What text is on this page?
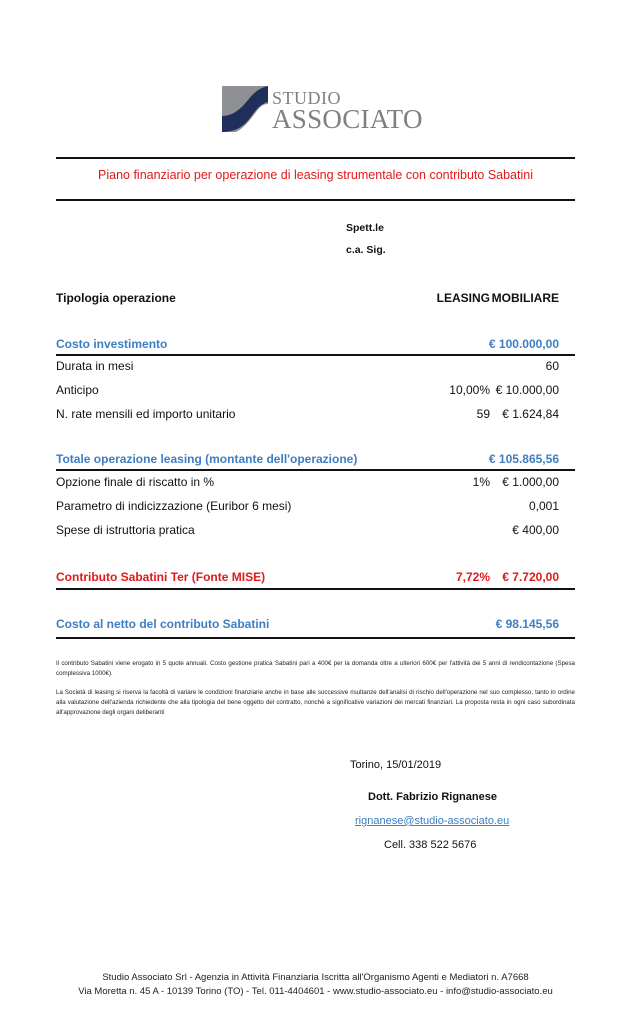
STUDIO
ASSOCIATO
Piano finanziario per operazione di leasing strumentale con contributo Sabatini
Spett.le
c.a. Sig.
Tipologia operazione	LEASING MOBILIARE
Costo investimento	€ 100.000,00
Durata in mesi	60
Anticipo	10,00% € 10.000,00
N. rate mensili ed importo unitario	59 € 1.624,84
Totale operazione leasing (montante dell'operazione)	€ 105.865,56
Opzione finale di riscatto in %	1% € 1.000,00
Parametro di indicizzazione (Euribor 6 mesi)	0,001
Spese di istruttoria pratica	€ 400,00
Contributo Sabatini Ter (Fonte MISE)	7,72% € 7.720,00
Costo al netto del contributo Sabatini	€ 98.145,56
Il contributo Sabatini viene erogato in 5 quote annuali. Costo gestione pratica Sabatini pari a 400€ per la domanda oltre a ulteriori 600€ per l'attività dei 5 anni di rendicontazione (Spesa complessiva 1000€).
La Società di leasing si riserva la facoltà di variare le condizioni finanziarie anche in base alle successive risultanze dell'analisi di rischio dell'operazione nel suo complesso, tanto in ordine alla valutazione dell'azienda richiedente che alla tipologia del bene oggetto del contratto, nonchè a significative variazioni dei mercati finanziari. La proposta resta in ogni caso subordinata all'approvazione degli organi deliberanti
Torino, 15/01/2019
Dott. Fabrizio Rignanese
rignanese@studio-associato.eu
Cell. 338 522 5676
Studio Associato Srl - Agenzia in Attività Finanziaria Iscritta all'Organismo Agenti e Mediatori n. A7668
Via Moretta n. 45 A - 10139 Torino (TO) - Tel. 011-4404601 - www.studio-associato.eu - info@studio-associato.eu
